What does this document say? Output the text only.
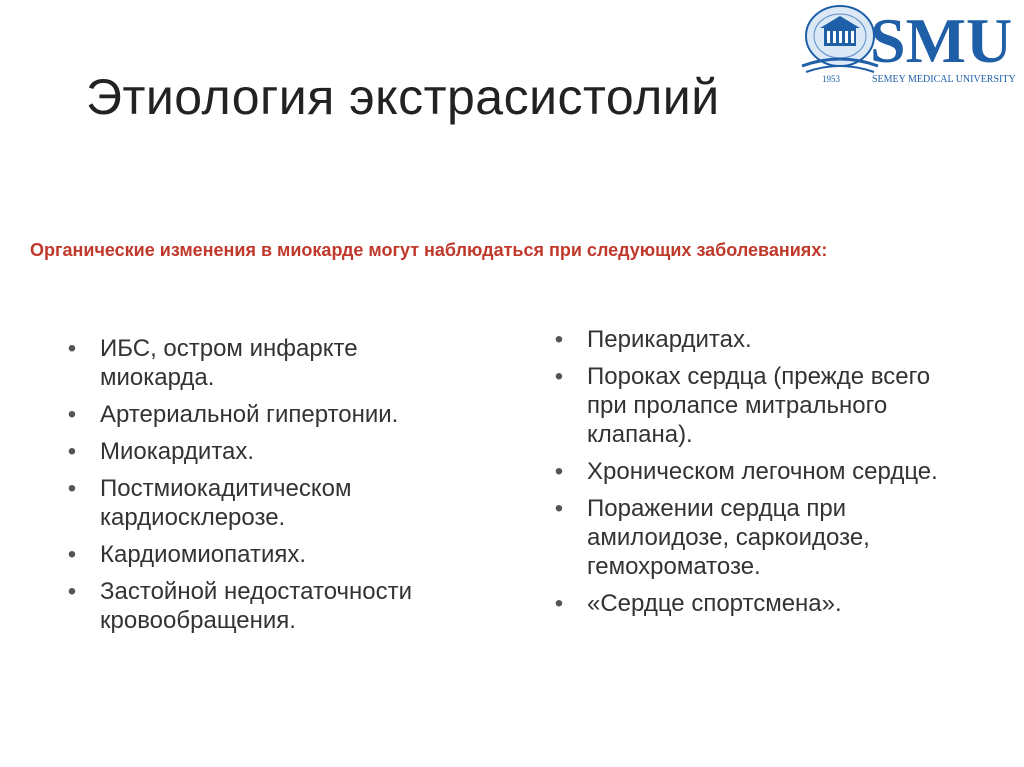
SMU
1953	SEMEY MEDICAL UNIVERSITY
Этиология экстрасистолий
Органические изменения в миокарде могут наблюдаться при следующих заболеваниях:
• ИБС, остром инфаркте миокарда.
• Артериальной гипертонии.
• Миокардитах.
• Постмиокадитическом кардиосклерозе.
• Кардиомиопатиях.
• Застойной недостаточности кровообращения.
• Перикардитах.
• Пороках сердца (прежде всего при пролапсе митрального клапана).
• Хроническом легочном сердце.
• Поражении сердца при амилоидозе, саркоидозе, гемохроматозе.
• «Сердце спортсмена».
